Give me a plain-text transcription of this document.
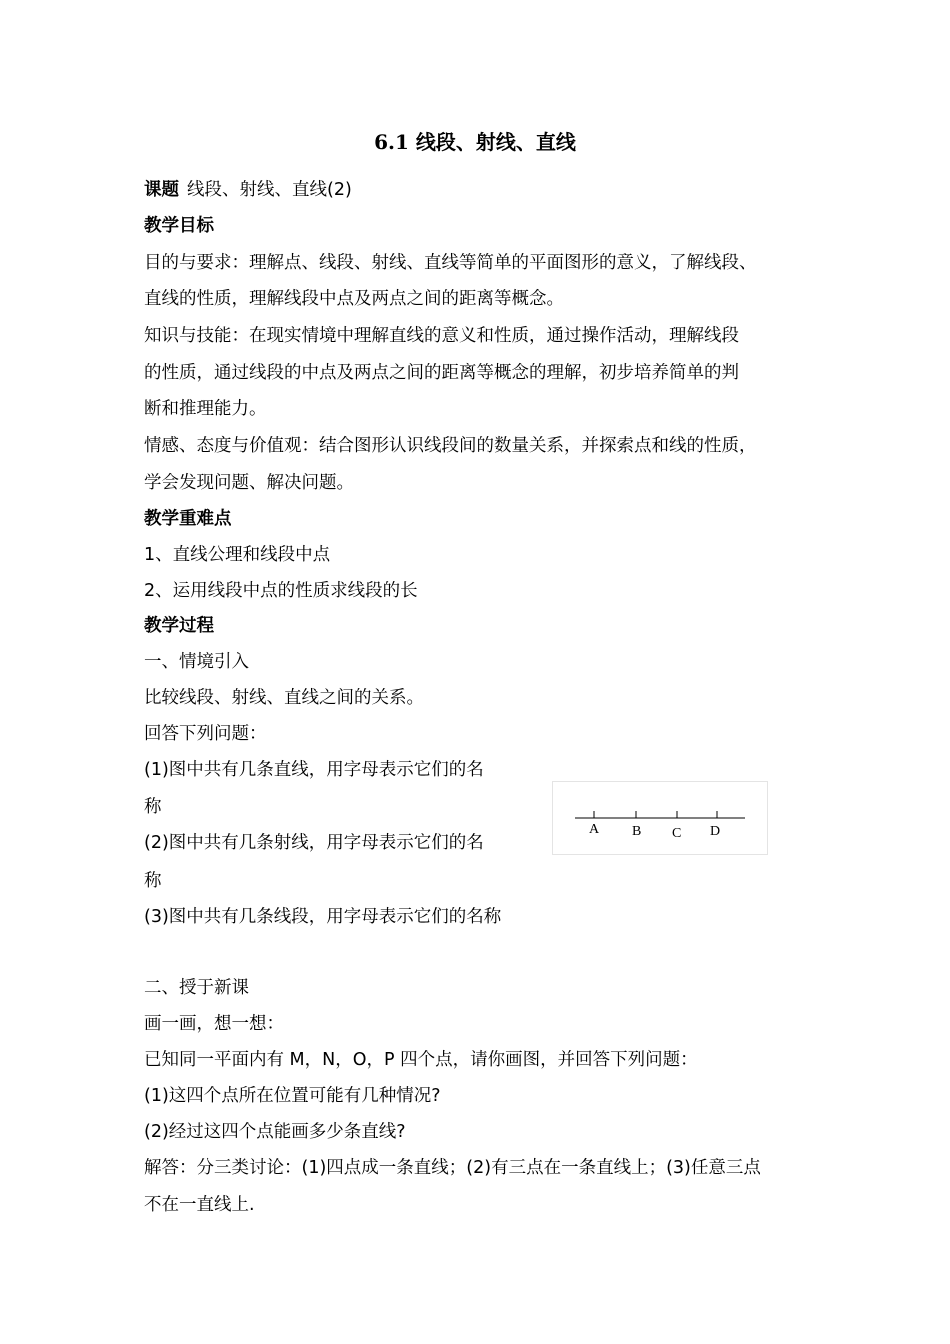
6.1 线段、射线、直线
课题 线段、射线、直线(2)
教学目标
目的与要求：理解点、线段、射线、直线等简单的平面图形的意义，了解线段、
直线的性质，理解线段中点及两点之间的距离等概念。
知识与技能：在现实情境中理解直线的意义和性质，通过操作活动，理解线段
的性质，通过线段的中点及两点之间的距离等概念的理解，初步培养简单的判
断和推理能力。
情感、态度与价值观：结合图形认识线段间的数量关系，并探索点和线的性质，
学会发现问题、解决问题。
教学重难点
1、直线公理和线段中点
2、运用线段中点的性质求线段的长
教学过程
一、情境引入
比较线段、射线、直线之间的关系。
回答下列问题：
(1)图中共有几条直线，用字母表示它们的名
称
(2)图中共有几条射线，用字母表示它们的名
称
(3)图中共有几条线段，用字母表示它们的名称
A B C D
二、授于新课
画一画，想一想：
已知同一平面内有 M，N，O，P 四个点，请你画图，并回答下列问题：
(1)这四个点所在位置可能有几种情况?
(2)经过这四个点能画多少条直线?
解答：分三类讨论：(1)四点成一条直线；(2)有三点在一条直线上；(3)任意三点
不在一直线上.
